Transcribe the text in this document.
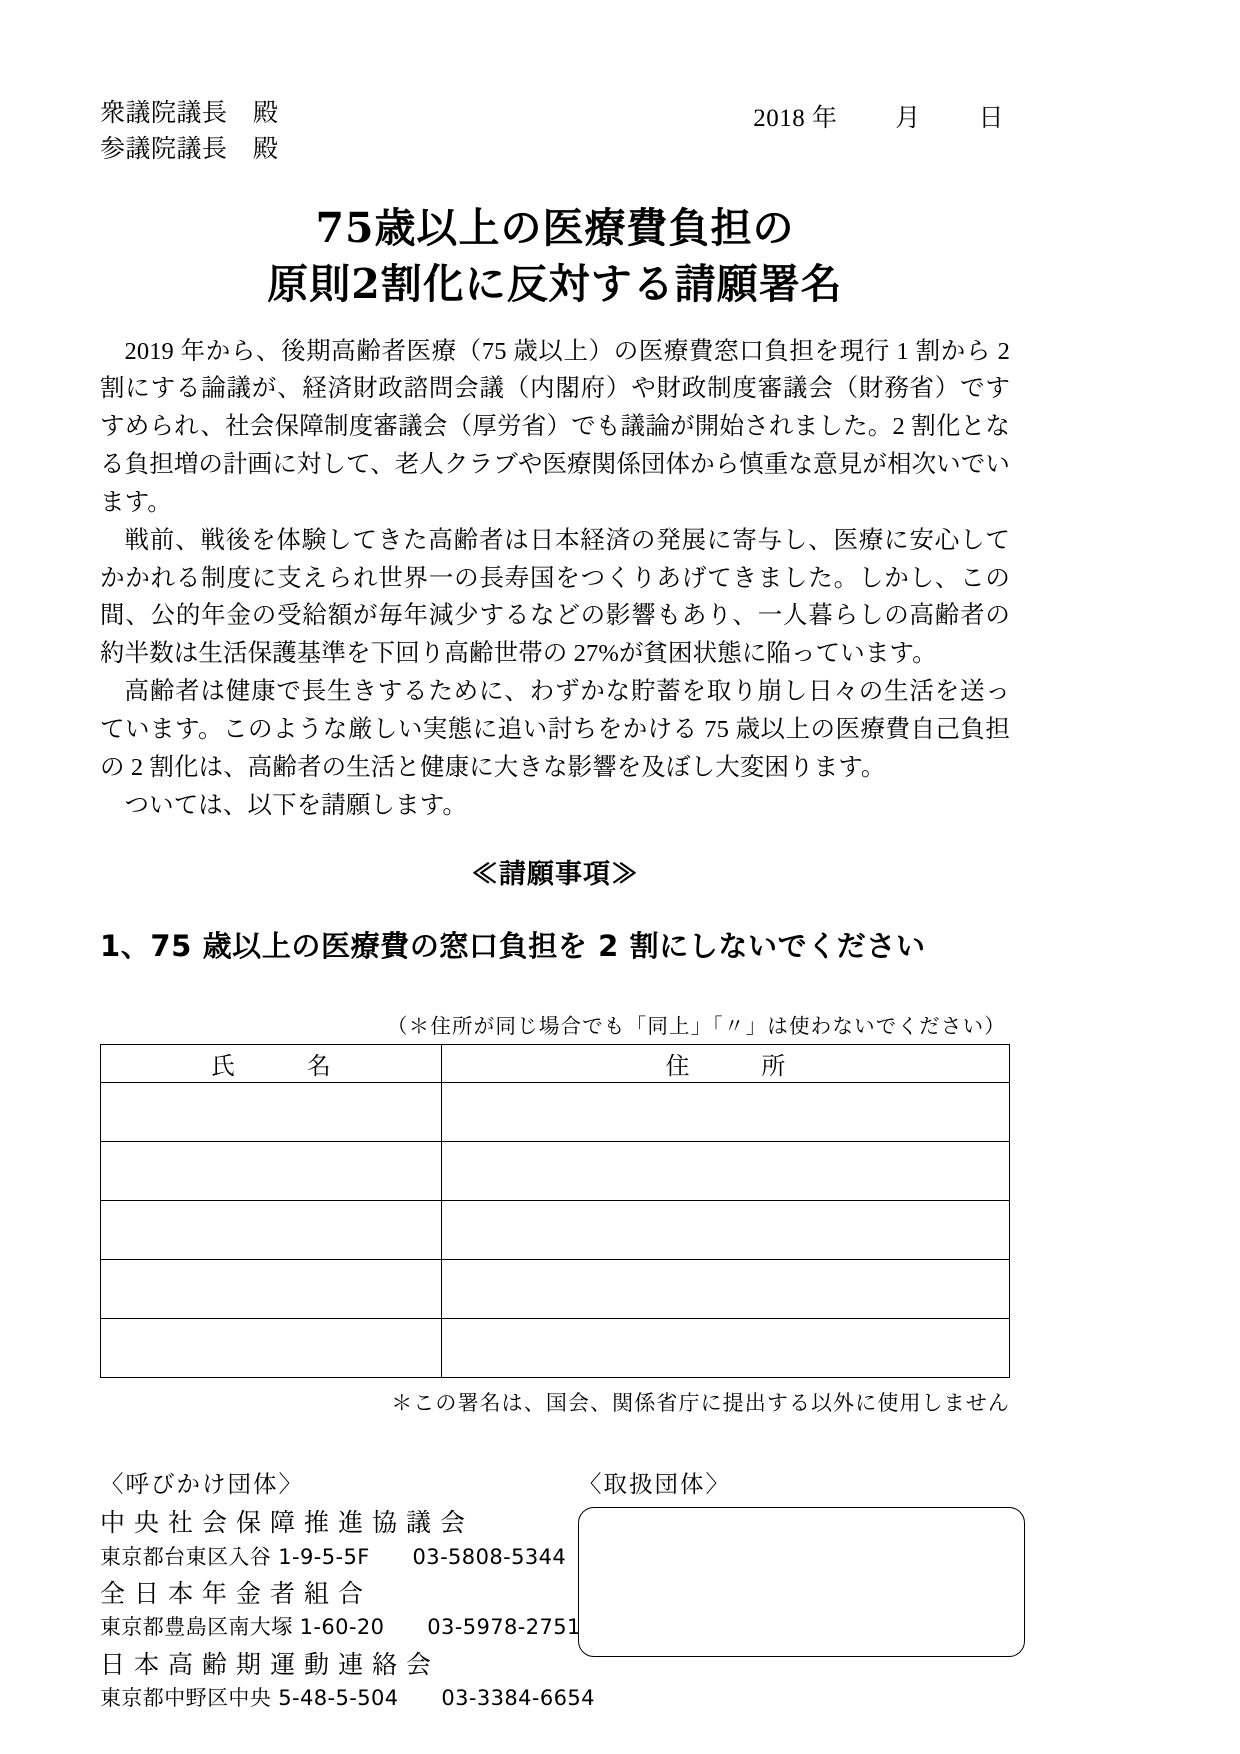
衆議院議長　殿
参議院議長　殿
2018 年　　 月　　 日
75歳以上の医療費負担の
原則2割化に反対する請願署名

2019 年から、後期高齢者医療（75 歳以上）の医療費窓口負担を現行 1 割から 2 割にする論議が、経済財政諮問会議（内閣府）や財政制度審議会（財務省）ですすめられ、社会保障制度審議会（厚労省）でも議論が開始されました。2 割化となる負担増の計画に対して、老人クラブや医療関係団体から慎重な意見が相次いでいます。

戦前、戦後を体験してきた高齢者は日本経済の発展に寄与し、医療に安心してかかれる制度に支えられ世界一の長寿国をつくりあげてきました。しかし、この間、公的年金の受給額が毎年減少するなどの影響もあり、一人暮らしの高齢者の約半数は生活保護基準を下回り高齢世帯の 27%が貧困状態に陥っています。

高齢者は健康で長生きするために、わずかな貯蓄を取り崩し日々の生活を送っています。このような厳しい実態に追い討ちをかける 75 歳以上の医療費自己負担の 2 割化は、高齢者の生活と健康に大きな影響を及ぼし大変困ります。

ついては、以下を請願します。

≪請願事項≫
1、75 歳以上の医療費の窓口負担を 2 割にしないでください
（＊住所が同じ場合でも「同上」「〃」は使わないでください）
氏　　名	住　　所

＊この署名は、国会、関係省庁に提出する以外に使用しません
〈呼びかけ団体〉
中央社会保障推進協議会
東京都台東区入谷 1-9-5-5F　　 03-5808-5344
全日本年金者組合
東京都豊島区南大塚 1-60-20　　 03-5978-2751
日本高齢期運動連絡会
東京都中野区中央 5-48-5-504　　 03-3384-6654
〈取扱団体〉
